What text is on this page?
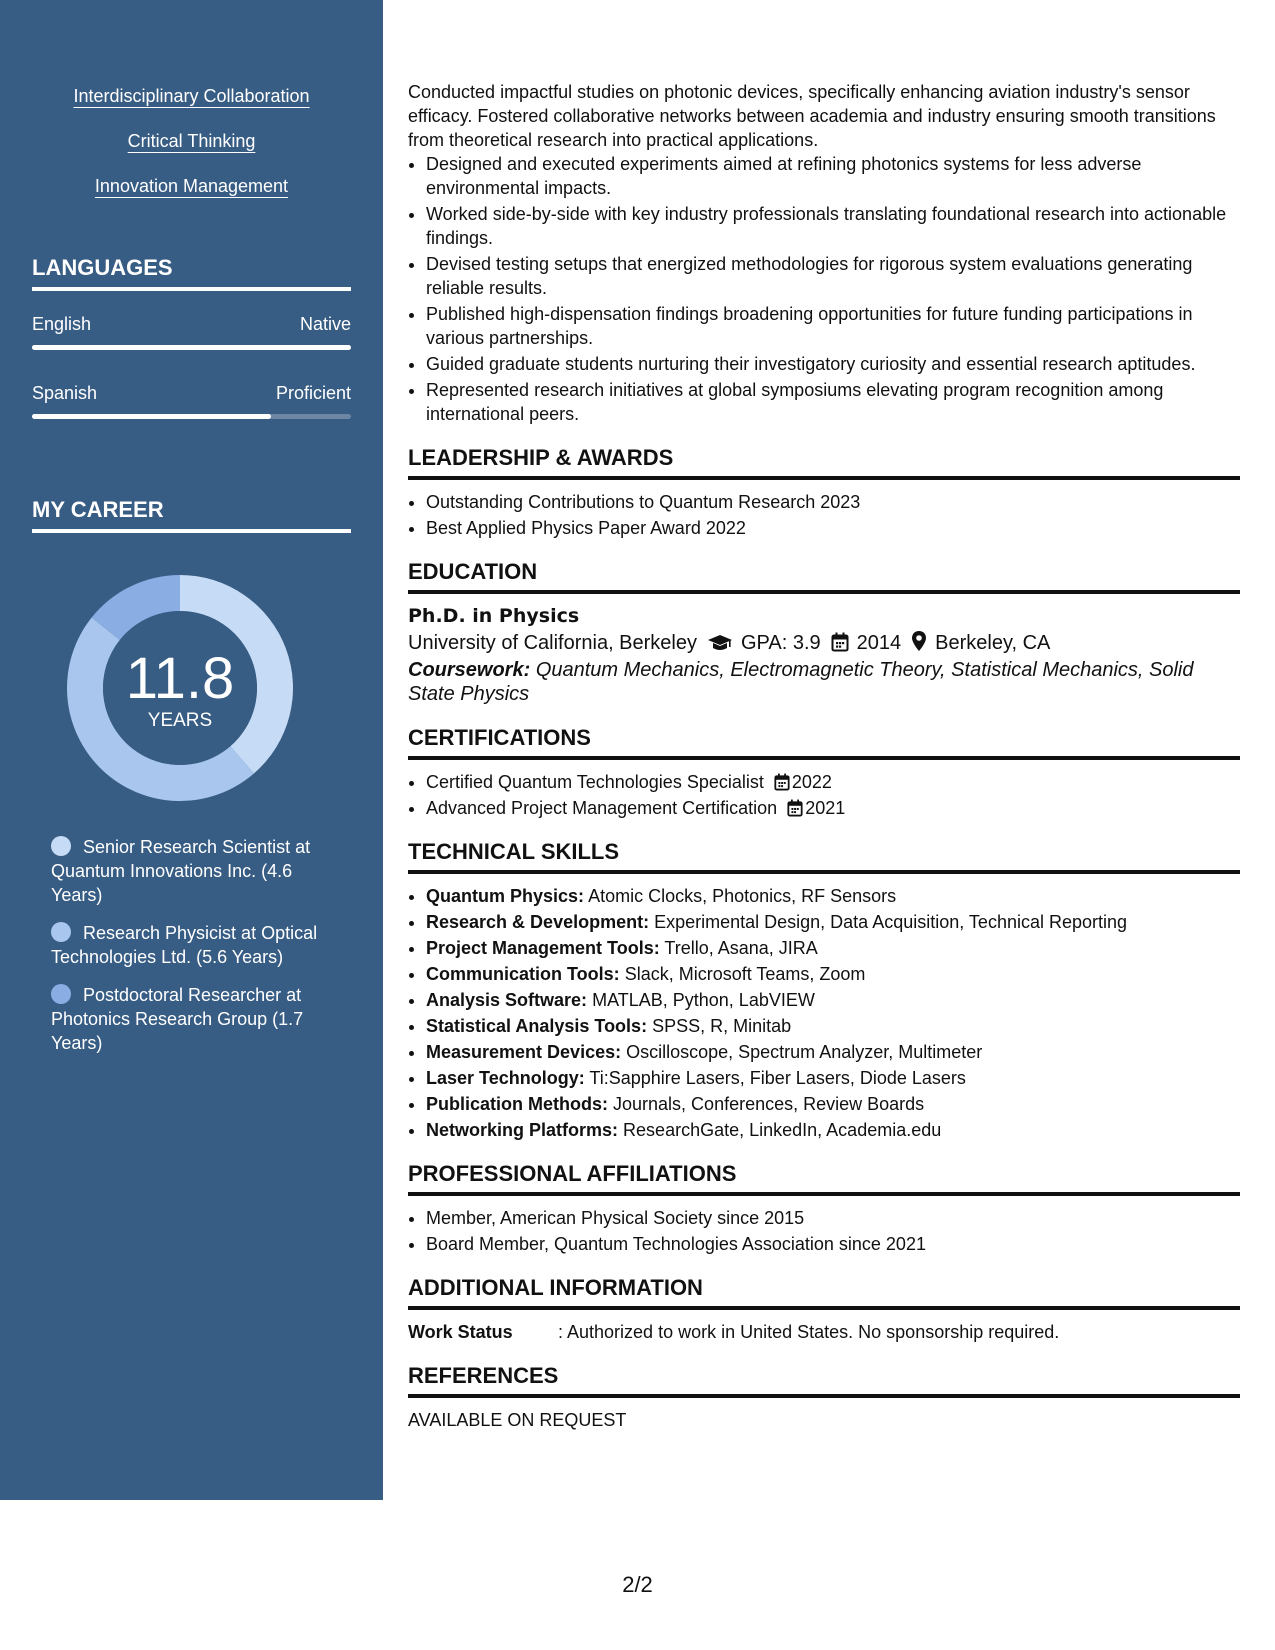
Interdisciplinary Collaboration
Critical Thinking
Innovation Management
LANGUAGES
English	Native
Spanish	Proficient
MY CAREER
11.8
YEARS
Senior Research Scientist at Quantum Innovations Inc. (4.6 Years)
Research Physicist at Optical Technologies Ltd. (5.6 Years)
Postdoctoral Researcher at Photonics Research Group (1.7 Years)

Conducted impactful studies on photonic devices, specifically enhancing aviation industry's sensor efficacy. Fostered collaborative networks between academia and industry ensuring smooth transitions from theoretical research into practical applications.

• Designed and executed experiments aimed at refining photonics systems for less adverse environmental impacts.
• Worked side-by-side with key industry professionals translating foundational research into actionable findings.
• Devised testing setups that energized methodologies for rigorous system evaluations generating reliable results.
• Published high-dispensation findings broadening opportunities for future funding participations in various partnerships.
• Guided graduate students nurturing their investigatory curiosity and essential research aptitudes.
• Represented research initiatives at global symposiums elevating program recognition among international peers.
LEADERSHIP & AWARDS
• Outstanding Contributions to Quantum Research 2023
• Best Applied Physics Paper Award 2022
EDUCATION
Ph.D. in Physics
University of California, Berkeley GPA: 3.9 2014 Berkeley, CA
Coursework: Quantum Mechanics, Electromagnetic Theory, Statistical Mechanics, Solid State Physics
CERTIFICATIONS
• Certified Quantum Technologies Specialist 2022
• Advanced Project Management Certification 2021
TECHNICAL SKILLS
• Quantum Physics: Atomic Clocks, Photonics, RF Sensors
• Research & Development: Experimental Design, Data Acquisition, Technical Reporting
• Project Management Tools: Trello, Asana, JIRA
• Communication Tools: Slack, Microsoft Teams, Zoom
• Analysis Software: MATLAB, Python, LabVIEW
• Statistical Analysis Tools: SPSS, R, Minitab
• Measurement Devices: Oscilloscope, Spectrum Analyzer, Multimeter
• Laser Technology: Ti:Sapphire Lasers, Fiber Lasers, Diode Lasers
• Publication Methods: Journals, Conferences, Review Boards
• Networking Platforms: ResearchGate, LinkedIn, Academia.edu
PROFESSIONAL AFFILIATIONS
• Member, American Physical Society since 2015
• Board Member, Quantum Technologies Association since 2021
ADDITIONAL INFORMATION
Work Status	: Authorized to work in United States. No sponsorship required.
REFERENCES
AVAILABLE ON REQUEST
2/2
